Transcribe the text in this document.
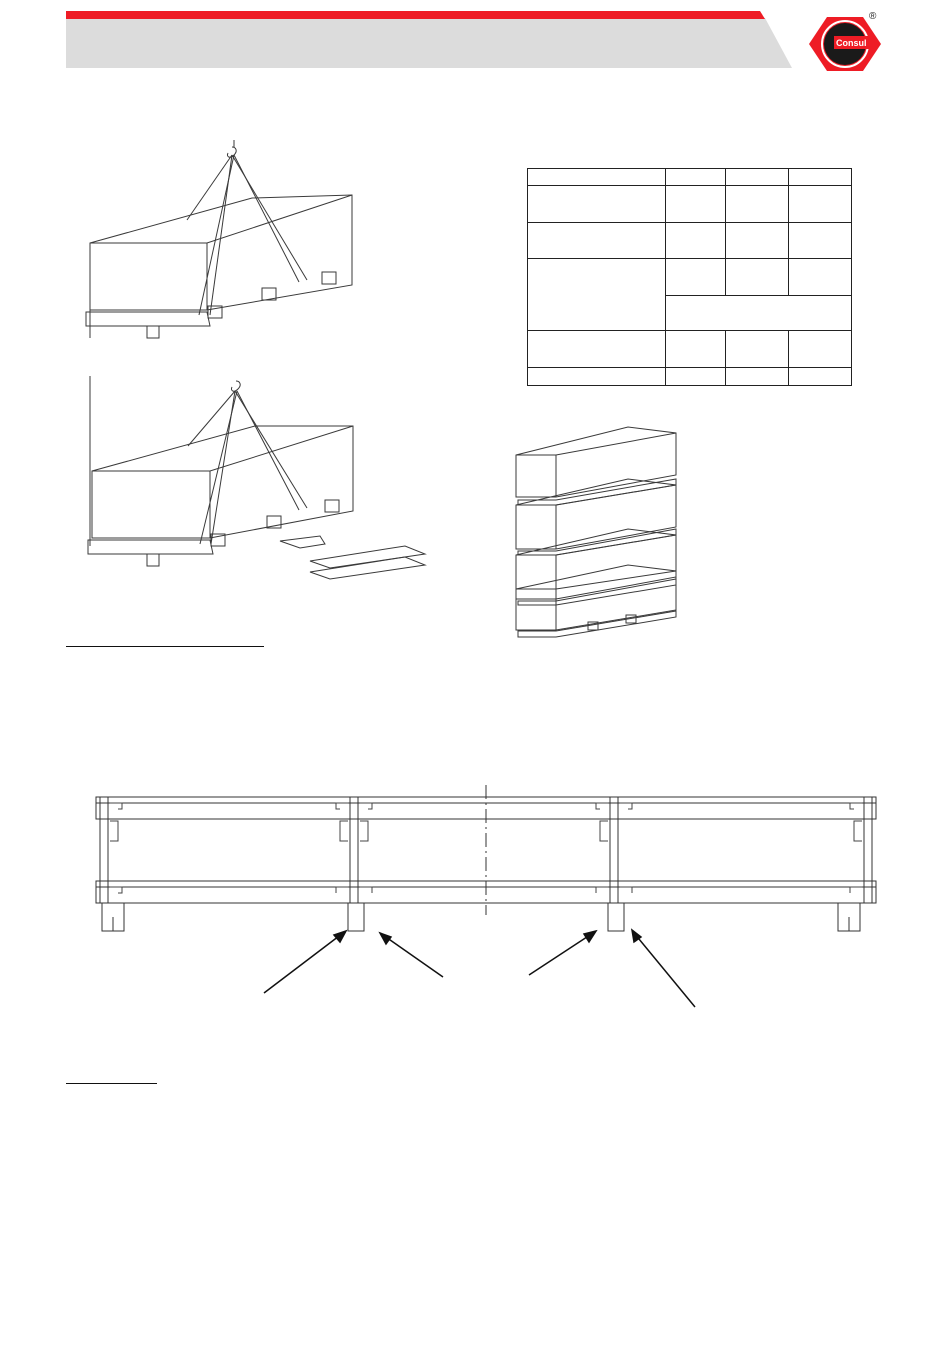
Consul
®
